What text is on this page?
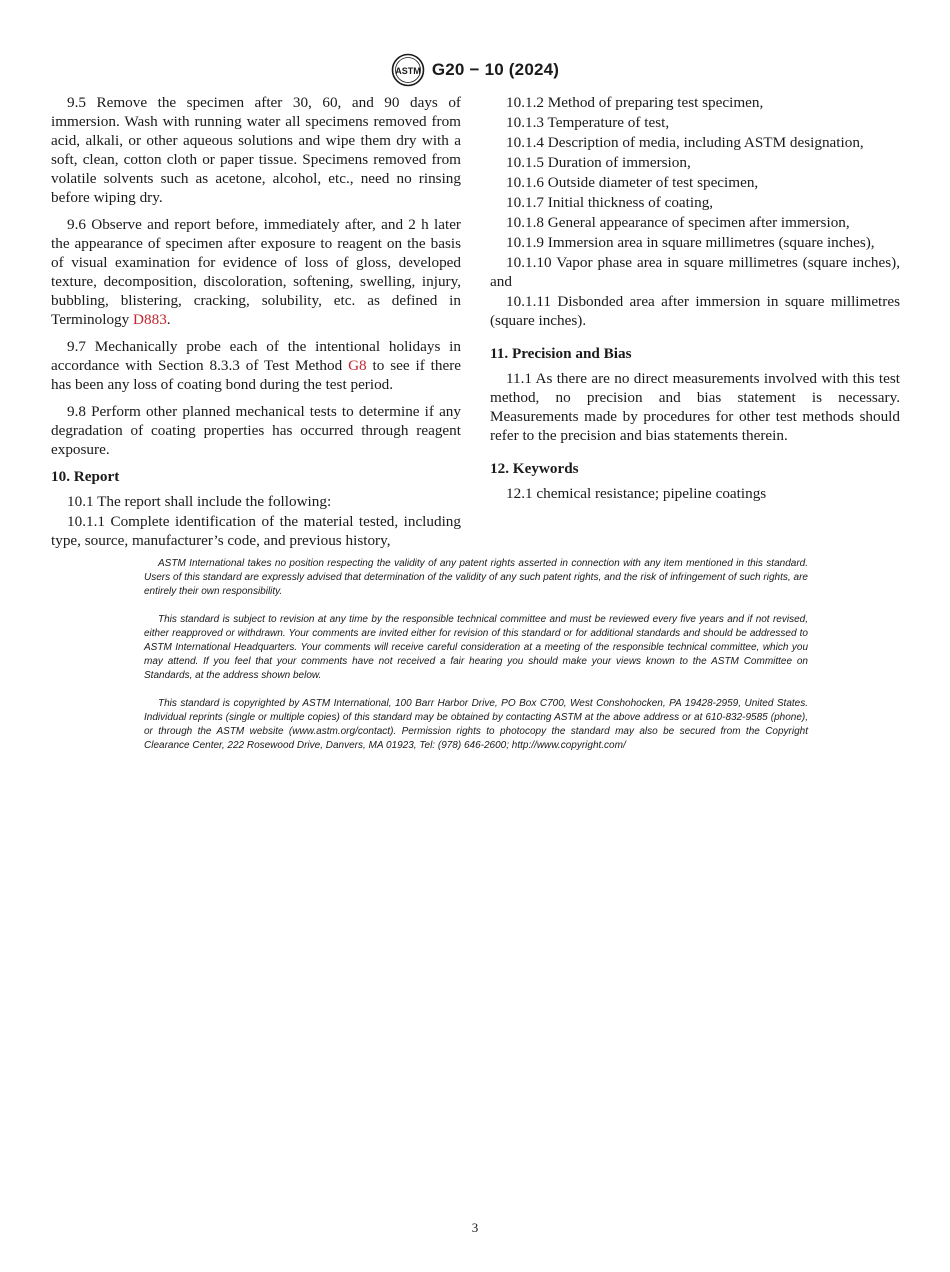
ASTM G20 − 10 (2024)

9.5 Remove the specimen after 30, 60, and 90 days of immersion. Wash with running water all specimens removed from acid, alkali, or other aqueous solutions and wipe them dry with a soft, clean, cotton cloth or paper tissue. Specimens removed from volatile solvents such as acetone, alcohol, etc., need no rinsing before wiping dry.

9.6 Observe and report before, immediately after, and 2 h later the appearance of specimen after exposure to reagent on the basis of visual examination for evidence of loss of gloss, developed texture, decomposition, discoloration, softening, swelling, injury, bubbling, blistering, cracking, solubility, etc. as defined in Terminology D883.

9.7 Mechanically probe each of the intentional holidays in accordance with Section 8.3.3 of Test Method G8 to see if there has been any loss of coating bond during the test period.

9.8 Perform other planned mechanical tests to determine if any degradation of coating properties has occurred through reagent exposure.

10. Report

10.1 The report shall include the following:

10.1.1 Complete identification of the material tested, including type, source, manufacturer’s code, and previous history,

10.1.2 Method of preparing test specimen,

10.1.3 Temperature of test,

10.1.4 Description of media, including ASTM designation,

10.1.5 Duration of immersion,

10.1.6 Outside diameter of test specimen,

10.1.7 Initial thickness of coating,

10.1.8 General appearance of specimen after immersion,

10.1.9 Immersion area in square millimetres (square inches),

10.1.10 Vapor phase area in square millimetres (square inches), and

10.1.11 Disbonded area after immersion in square millimetres (square inches).

11. Precision and Bias

11.1 As there are no direct measurements involved with this test method, no precision and bias statement is necessary. Measurements made by procedures for other test methods should refer to the precision and bias statements therein.

12. Keywords

12.1 chemical resistance; pipeline coatings

ASTM International takes no position respecting the validity of any patent rights asserted in connection with any item mentioned in this standard. Users of this standard are expressly advised that determination of the validity of any such patent rights, and the risk of infringement of such rights, are entirely their own responsibility.

This standard is subject to revision at any time by the responsible technical committee and must be reviewed every five years and if not revised, either reapproved or withdrawn. Your comments are invited either for revision of this standard or for additional standards and should be addressed to ASTM International Headquarters. Your comments will receive careful consideration at a meeting of the responsible technical committee, which you may attend. If you feel that your comments have not received a fair hearing you should make your views known to the ASTM Committee on Standards, at the address shown below.

This standard is copyrighted by ASTM International, 100 Barr Harbor Drive, PO Box C700, West Conshohocken, PA 19428-2959, United States. Individual reprints (single or multiple copies) of this standard may be obtained by contacting ASTM at the above address or at 610-832-9585 (phone), or through the ASTM website (www.astm.org/contact). Permission rights to photocopy the standard may also be secured from the Copyright Clearance Center, 222 Rosewood Drive, Danvers, MA 01923, Tel: (978) 646-2600; http://www.copyright.com/

3
